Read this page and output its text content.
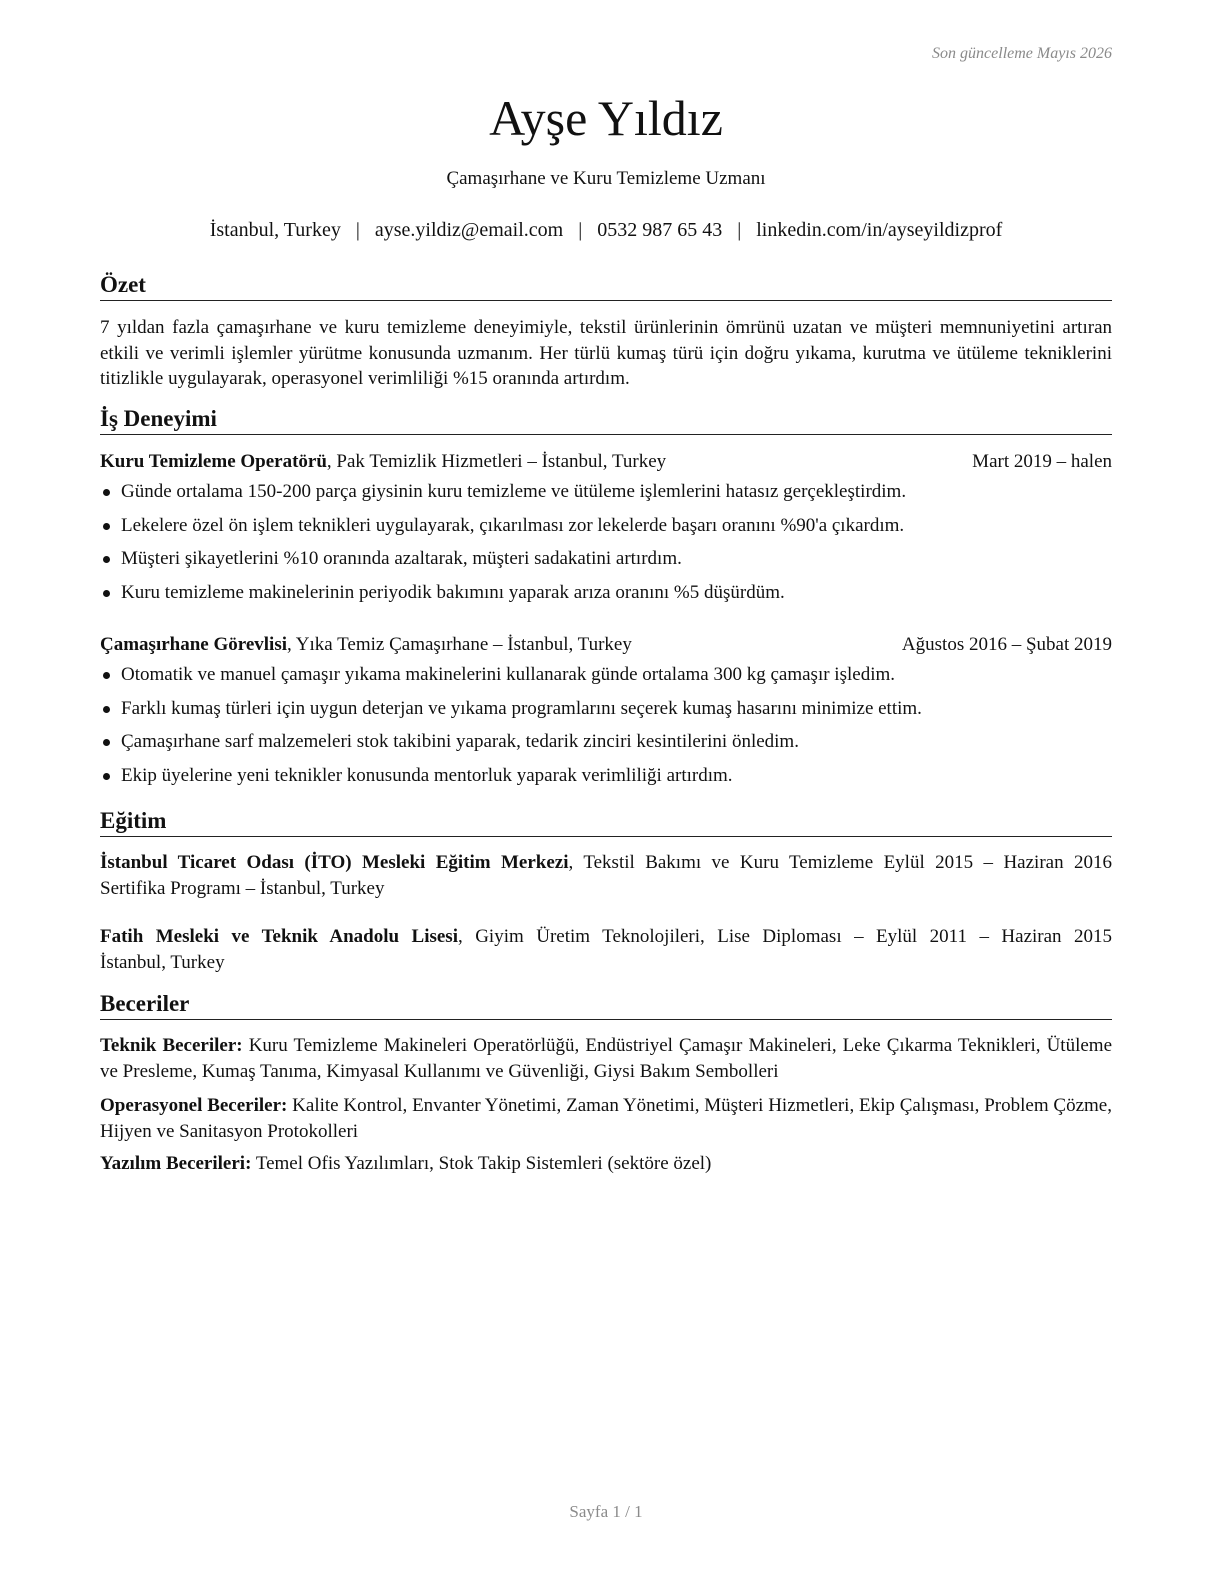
Son güncelleme Mayıs 2026
Ayşe Yıldız
Çamaşırhane ve Kuru Temizleme Uzmanı
İstanbul, Turkey | ayse.yildiz@email.com | 0532 987 65 43 | linkedin.com/in/ayseyildizprof
Özet
7 yıldan fazla çamaşırhane ve kuru temizleme deneyimiyle, tekstil ürünlerinin ömrünü uzatan ve müşteri memnuniyetini artıran etkili ve verimli işlemler yürütme konusunda uzmanım. Her türlü kumaş türü için doğru yıkama, kurutma ve ütüleme tekniklerini titizlikle uygulayarak, operasyonel verimliliği %15 oranında artırdım.
İş Deneyimi
Kuru Temizleme Operatörü, Pak Temizlik Hizmetleri – İstanbul, Turkey	Mart 2019 – halen
Günde ortalama 150-200 parça giysinin kuru temizleme ve ütüleme işlemlerini hatasız gerçekleştirdim.
Lekelere özel ön işlem teknikleri uygulayarak, çıkarılması zor lekelerde başarı oranını %90'a çıkardım.
Müşteri şikayetlerini %10 oranında azaltarak, müşteri sadakatini artırdım.
Kuru temizleme makinelerinin periyodik bakımını yaparak arıza oranını %5 düşürdüm.
Çamaşırhane Görevlisi, Yıka Temiz Çamaşırhane – İstanbul, Turkey	Ağustos 2016 – Şubat 2019
Otomatik ve manuel çamaşır yıkama makinelerini kullanarak günde ortalama 300 kg çamaşır işledim.
Farklı kumaş türleri için uygun deterjan ve yıkama programlarını seçerek kumaş hasarını minimize ettim.
Çamaşırhane sarf malzemeleri stok takibini yaparak, tedarik zinciri kesintilerini önledim.
Ekip üyelerine yeni teknikler konusunda mentorluk yaparak verimliliği artırdım.
Eğitim
İstanbul Ticaret Odası (İTO) Mesleki Eğitim Merkezi, Tekstil Bakımı ve Kuru Temizleme Eylül 2015 – Haziran 2016
Sertifika Programı – İstanbul, Turkey
Fatih Mesleki ve Teknik Anadolu Lisesi, Giyim Üretim Teknolojileri, Lise Diploması – Eylül 2011 – Haziran 2015
İstanbul, Turkey
Beceriler
Teknik Beceriler: Kuru Temizleme Makineleri Operatörlüğü, Endüstriyel Çamaşır Makineleri, Leke Çıkarma Teknikleri, Ütüleme ve Presleme, Kumaş Tanıma, Kimyasal Kullanımı ve Güvenliği, Giysi Bakım Sembolleri
Operasyonel Beceriler: Kalite Kontrol, Envanter Yönetimi, Zaman Yönetimi, Müşteri Hizmetleri, Ekip Çalışması, Problem Çözme, Hijyen ve Sanitasyon Protokolleri
Yazılım Becerileri: Temel Ofis Yazılımları, Stok Takip Sistemleri (sektöre özel)
Sayfa 1 / 1
